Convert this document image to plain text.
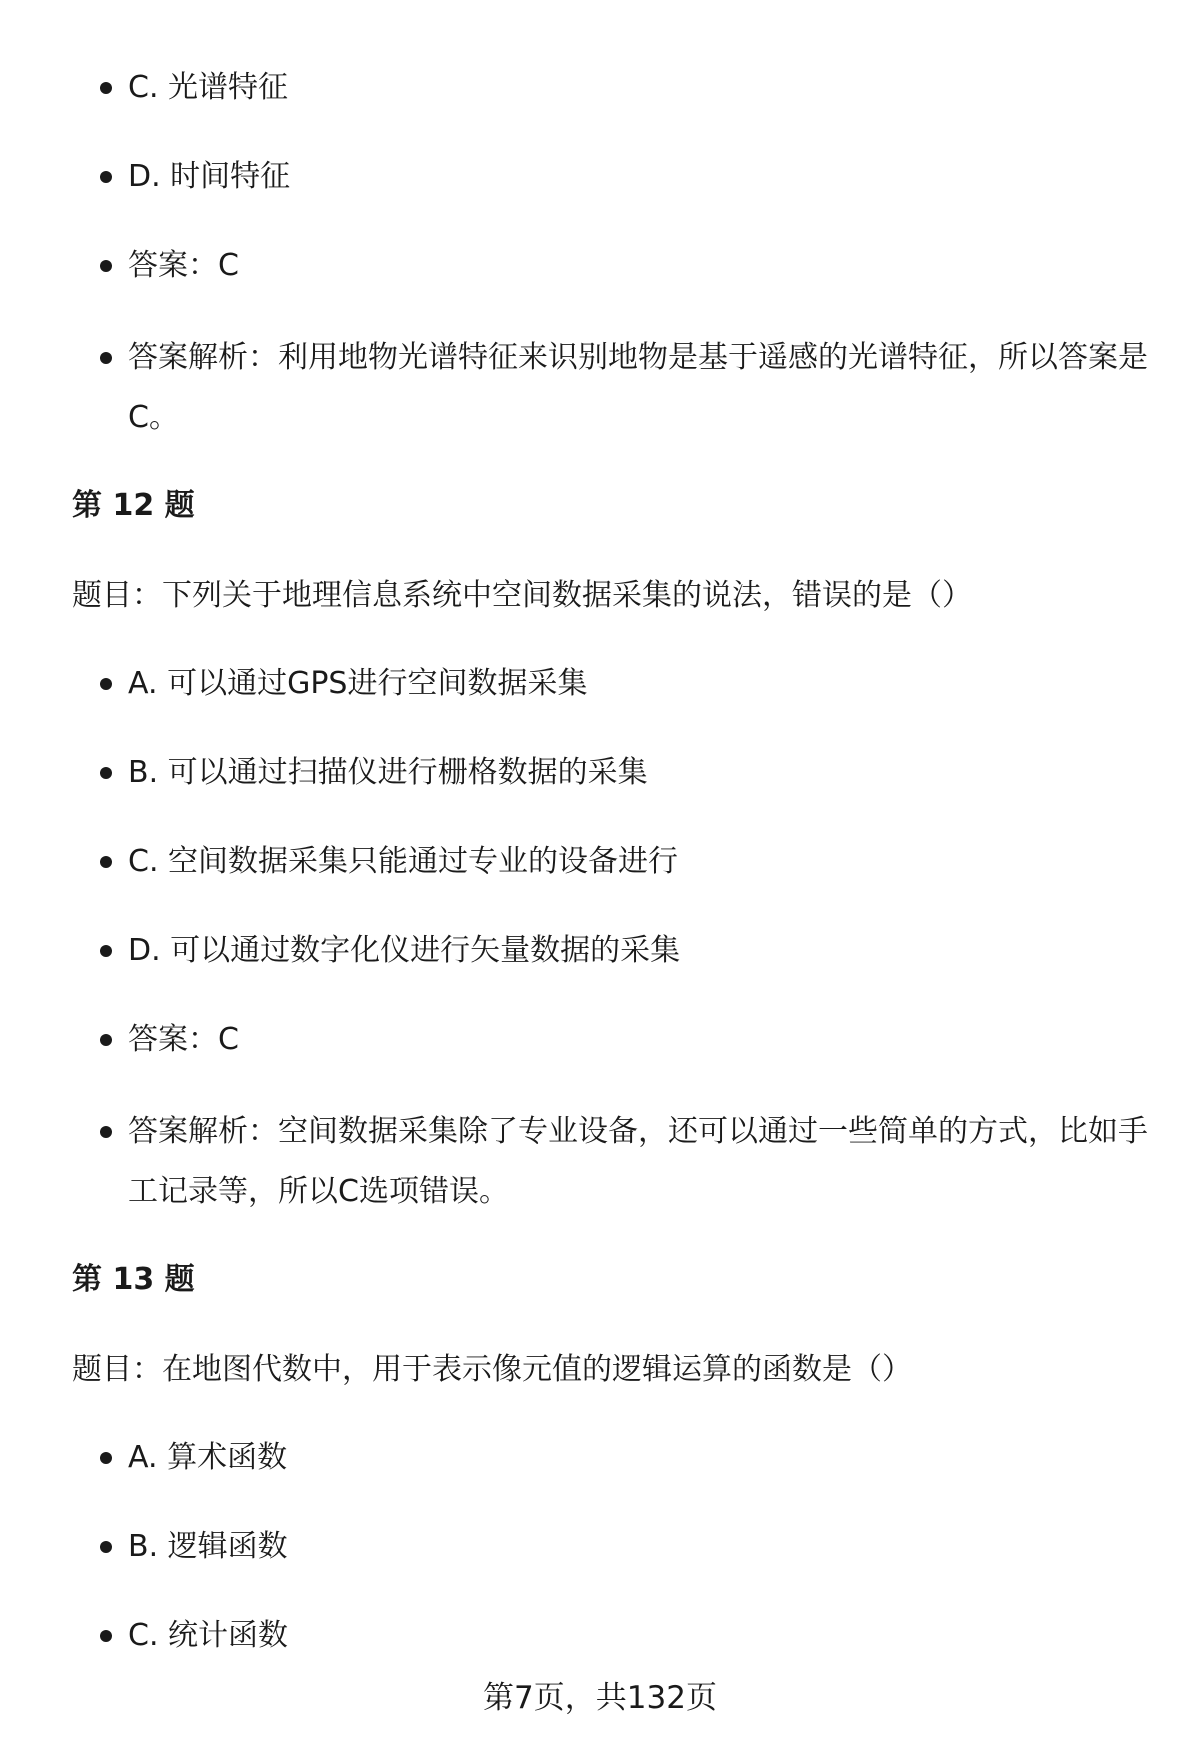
C. 光谱特征
D. 时间特征
答案：C
答案解析：利用地物光谱特征来识别地物是基于遥感的光谱特征，所以答案是C。
第 12 题
题目：下列关于地理信息系统中空间数据采集的说法，错误的是（）
A. 可以通过GPS进行空间数据采集
B. 可以通过扫描仪进行栅格数据的采集
C. 空间数据采集只能通过专业的设备进行
D. 可以通过数字化仪进行矢量数据的采集
答案：C
答案解析：空间数据采集除了专业设备，还可以通过一些简单的方式，比如手工记录等，所以C选项错误。
第 13 题
题目：在地图代数中，用于表示像元值的逻辑运算的函数是（）
A. 算术函数
B. 逻辑函数
C. 统计函数
第7页，共132页
